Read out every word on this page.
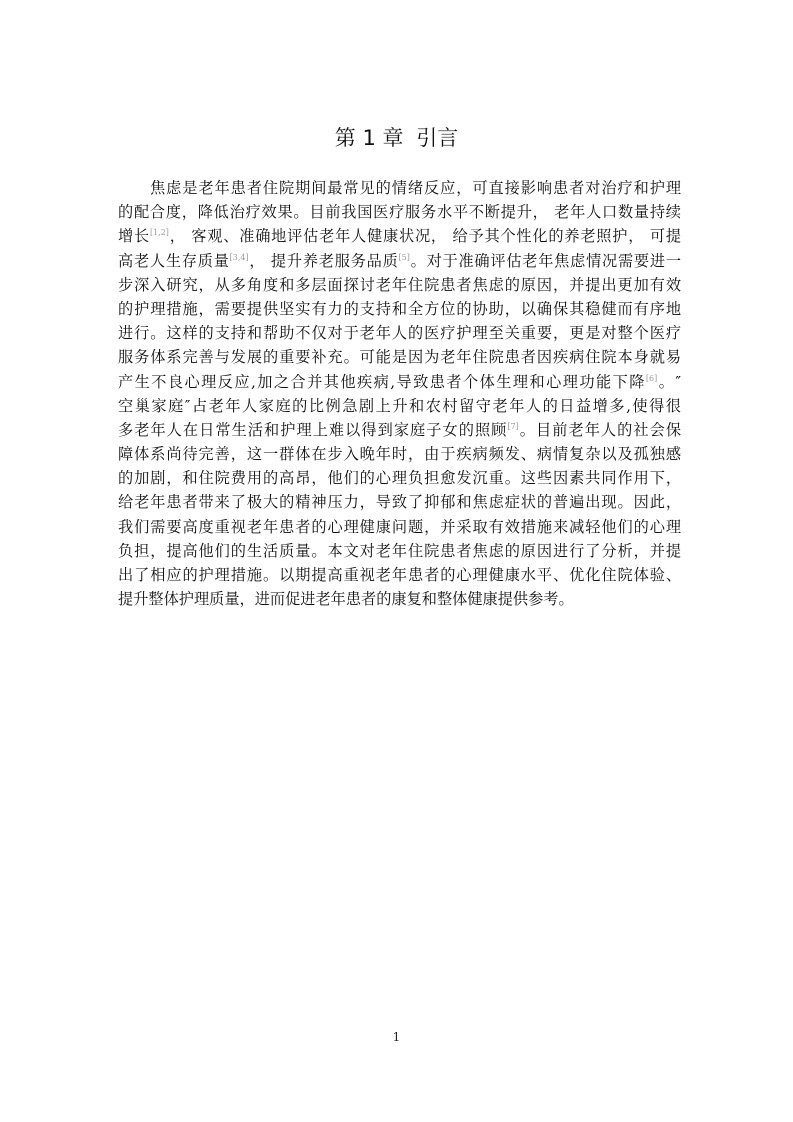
第 1 章 引言
焦虑是老年患者住院期间最常见的情绪反应，可直接影响患者对治疗和护理
的配合度，降低治疗效果。目前我国医疗服务水平不断提升， 老年人口数量持续
增长[1,2]， 客观、准确地评估老年人健康状况， 给予其个性化的养老照护， 可提
高老人生存质量[3,4]， 提升养老服务品质[5]。对于准确评估老年焦虑情况需要进一
步深入研究，从多角度和多层面探讨老年住院患者焦虑的原因，并提出更加有效
的护理措施，需要提供坚实有力的支持和全方位的协助，以确保其稳健而有序地
进行。这样的支持和帮助不仅对于老年人的医疗护理至关重要，更是对整个医疗
服务体系完善与发展的重要补充。可能是因为老年住院患者因疾病住院本身就易
产生不良心理反应,加之合并其他疾病,导致患者个体生理和心理功能下降[6]。″
空巢家庭″占老年人家庭的比例急剧上升和农村留守老年人的日益增多,使得很
多老年人在日常生活和护理上难以得到家庭子女的照顾[7]。目前老年人的社会保
障体系尚待完善，这一群体在步入晚年时，由于疾病频发、病情复杂以及孤独感
的加剧，和住院费用的高昂，他们的心理负担愈发沉重。这些因素共同作用下，
给老年患者带来了极大的精神压力，导致了抑郁和焦虑症状的普遍出现。因此，
我们需要高度重视老年患者的心理健康问题，并采取有效措施来减轻他们的心理
负担，提高他们的生活质量。本文对老年住院患者焦虑的原因进行了分析，并提
出了相应的护理措施。以期提高重视老年患者的心理健康水平、优化住院体验、
提升整体护理质量，进而促进老年患者的康复和整体健康提供参考。
1
